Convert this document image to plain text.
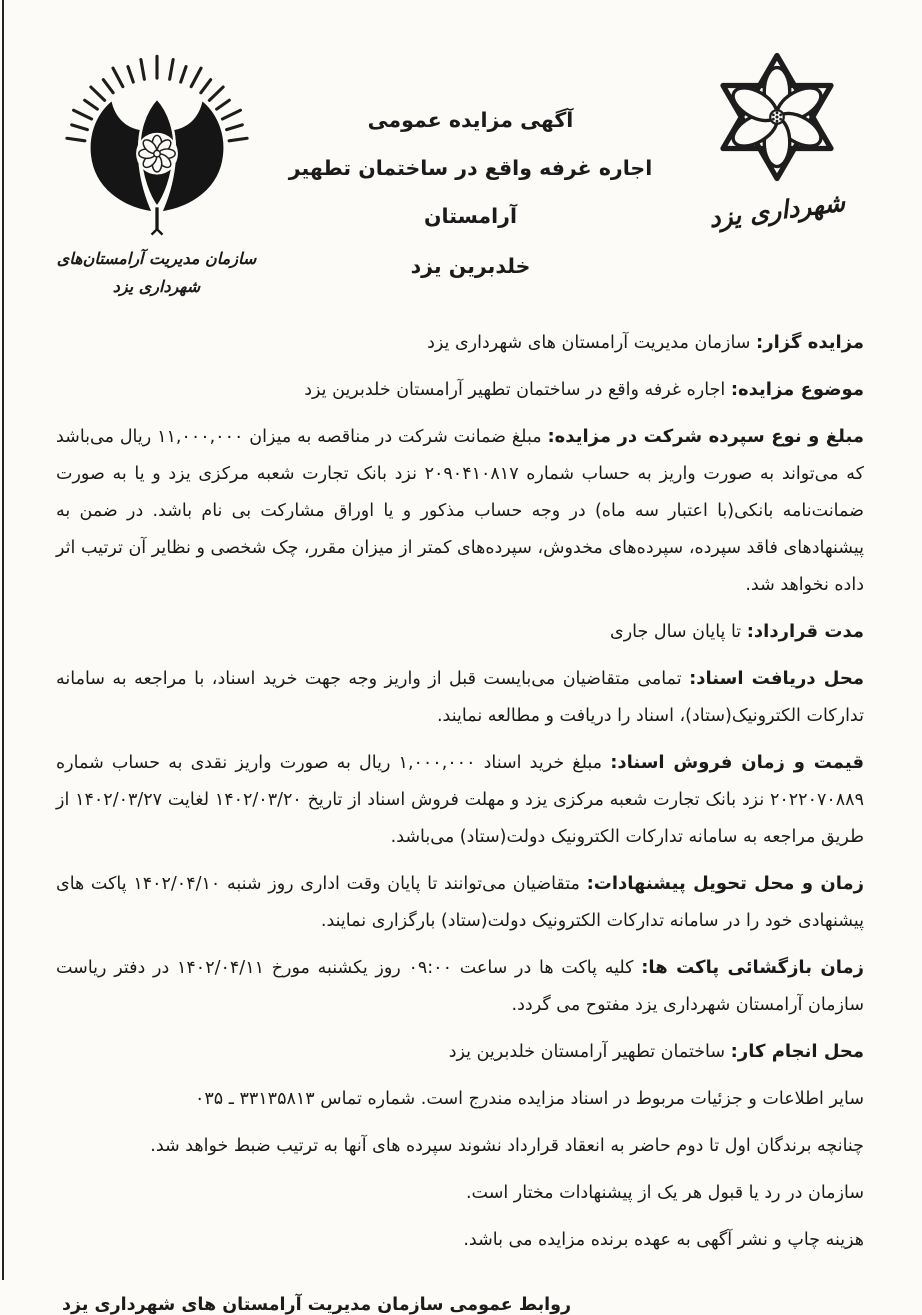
سازمان مدیریت آرامستان‌های
شهرداری یزد
آگهی مزایده عمومی
اجاره غرفه واقع در ساختمان تطهیر آرامستان
خلدبرین یزد
شهرداری یزد

مزایده گزار: سازمان مدیریت آرامستان های شهرداری یزد

موضوع مزایده: اجاره غرفه واقع در ساختمان تطهیر آرامستان خلدبرین یزد

مبلغ و نوع سپرده شرکت در مزایده: مبلغ ضمانت شرکت در مناقصه به میزان ۱۱,۰۰۰,۰۰۰ ریال می‌باشد که می‌تواند به صورت واریز به حساب شماره ۲۰۹۰۴۱۰۸۱۷ نزد بانک تجارت شعبه مرکزی یزد و یا به صورت ضمانت‌نامه بانکی(با اعتبار سه ماه) در وجه حساب مذکور و یا اوراق مشارکت بی نام باشد. در ضمن به پیشنهادهای فاقد سپرده، سپرده‌های مخدوش، سپرده‌های کمتر از میزان مقرر، چک شخصی و نظایر آن ترتیب اثر داده نخواهد شد.

مدت قرارداد: تا پایان سال جاری

محل دریافت اسناد: تمامی متقاضیان می‌بایست قبل از واریز وجه جهت خرید اسناد، با مراجعه به سامانه تدارکات الکترونیک(ستاد)، اسناد را دریافت و مطالعه نمایند.

قیمت و زمان فروش اسناد: مبلغ خرید اسناد ۱,۰۰۰,۰۰۰ ریال به صورت واریز نقدی به حساب شماره ۲۰۲۲۰۷۰۸۸۹ نزد بانک تجارت شعبه مرکزی یزد و مهلت فروش اسناد از تاریخ ۱۴۰۲/۰۳/۲۰ لغایت ۱۴۰۲/۰۳/۲۷ از طریق مراجعه به سامانه تدارکات الکترونیک دولت(ستاد) می‌باشد.

زمان و محل تحویل پیشنهادات: متقاضیان می‌توانند تا پایان وقت اداری روز شنبه ۱۴۰۲/۰۴/۱۰ پاکت های پیشنهادی خود را در سامانه تدارکات الکترونیک دولت(ستاد) بارگزاری نمایند.

زمان بازگشائی پاکت ها: کلیه پاکت ها در ساعت ۰۹:۰۰ روز یکشنبه مورخ ۱۴۰۲/۰۴/۱۱ در دفتر ریاست سازمان آرامستان شهرداری یزد مفتوح می گردد.

محل انجام کار: ساختمان تطهیر آرامستان خلدبرین یزد

سایر اطلاعات و جزئیات مربوط در اسناد مزایده مندرج است. شماره تماس ۳۳۱۳۵۸۱۳ ـ ۰۳۵

چنانچه برندگان اول تا دوم حاضر به انعقاد قرارداد نشوند سپرده های آنها به ترتیب ضبط خواهد شد.

سازمان در رد یا قبول هر یک از پیشنهادات مختار است.

هزینه چاپ و نشر آگهی به عهده برنده مزایده می باشد.

روابط عمومی سازمان مدیریت آرامستان های شهرداری یزد
